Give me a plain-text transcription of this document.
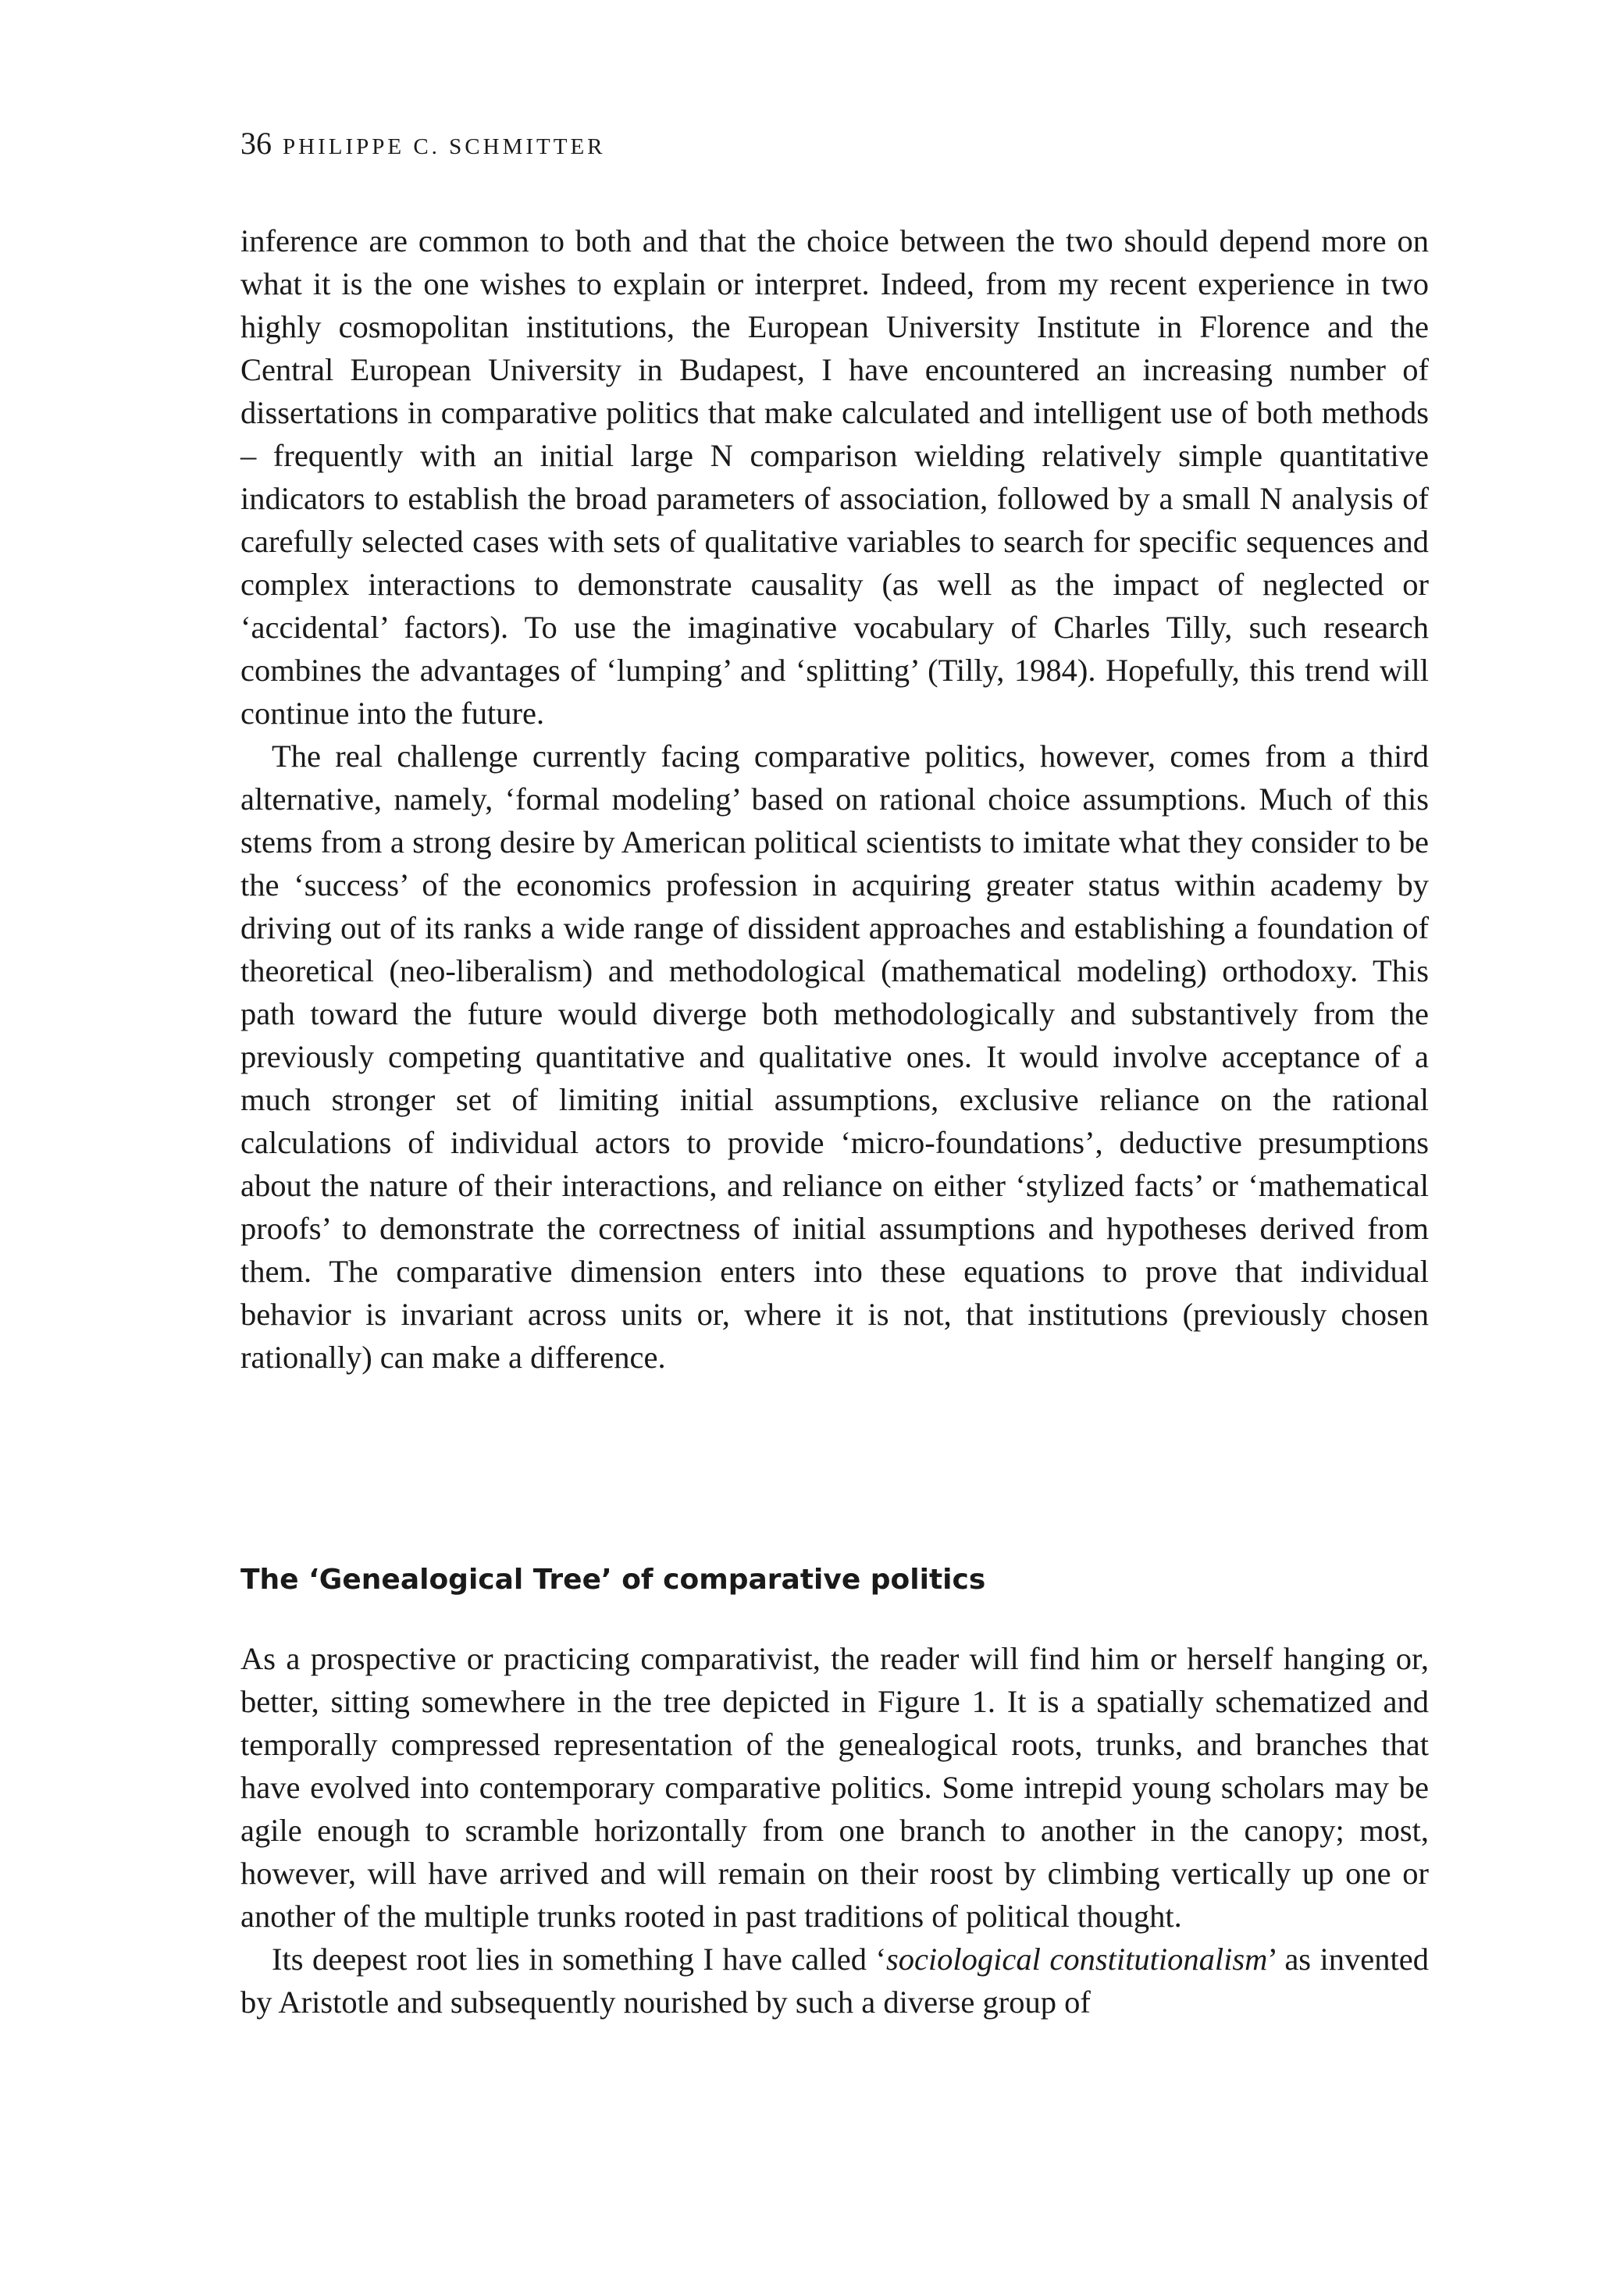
36 PHILIPPE C. SCHMITTER

inference are common to both and that the choice between the two should depend more on what it is the one wishes to explain or interpret. Indeed, from my recent experience in two highly cosmopolitan institutions, the European University Institute in Florence and the Central European University in Budapest, I have encountered an increasing number of dissertations in comparative politics that make calculated and intelligent use of both methods – frequently with an initial large N comparison wielding relatively simple quantitative indicators to establish the broad parameters of association, followed by a small N analysis of carefully selected cases with sets of qualitative variables to search for specific sequences and complex interactions to demonstrate causality (as well as the impact of neglected or ‘accidental’ factors). To use the imaginative vocabulary of Charles Tilly, such research combines the advantages of ‘lumping’ and ‘splitting’ (Tilly, 1984). Hopefully, this trend will continue into the future.

The real challenge currently facing comparative politics, however, comes from a third alternative, namely, ‘formal modeling’ based on rational choice assumptions. Much of this stems from a strong desire by American political scientists to imitate what they consider to be the ‘success’ of the economics profession in acquiring greater status within academy by driving out of its ranks a wide range of dissident approaches and establishing a foundation of theoretical (neo-liberalism) and methodological (mathematical modeling) orthodoxy. This path toward the future would diverge both methodologically and substantively from the previously competing quantitative and qualitative ones. It would involve acceptance of a much stronger set of limiting initial assumptions, exclusive reliance on the rational calculations of individual actors to provide ‘micro-foundations’, deductive presumptions about the nature of their interactions, and reliance on either ‘stylized facts’ or ‘mathematical proofs’ to demonstrate the correctness of initial assumptions and hypotheses derived from them. The comparative dimension enters into these equations to prove that individual behavior is invariant across units or, where it is not, that institutions (previously chosen rationally) can make a difference.

The ‘Genealogical Tree’ of comparative politics

As a prospective or practicing comparativist, the reader will find him or herself hanging or, better, sitting somewhere in the tree depicted in Figure 1. It is a spatially schematized and temporally compressed representation of the genealogical roots, trunks, and branches that have evolved into contemporary comparative politics. Some intrepid young scholars may be agile enough to scramble horizontally from one branch to another in the canopy; most, however, will have arrived and will remain on their roost by climbing vertically up one or another of the multiple trunks rooted in past traditions of political thought.

Its deepest root lies in something I have called ‘sociological constitutionalism’ as invented by Aristotle and subsequently nourished by such a diverse group of
